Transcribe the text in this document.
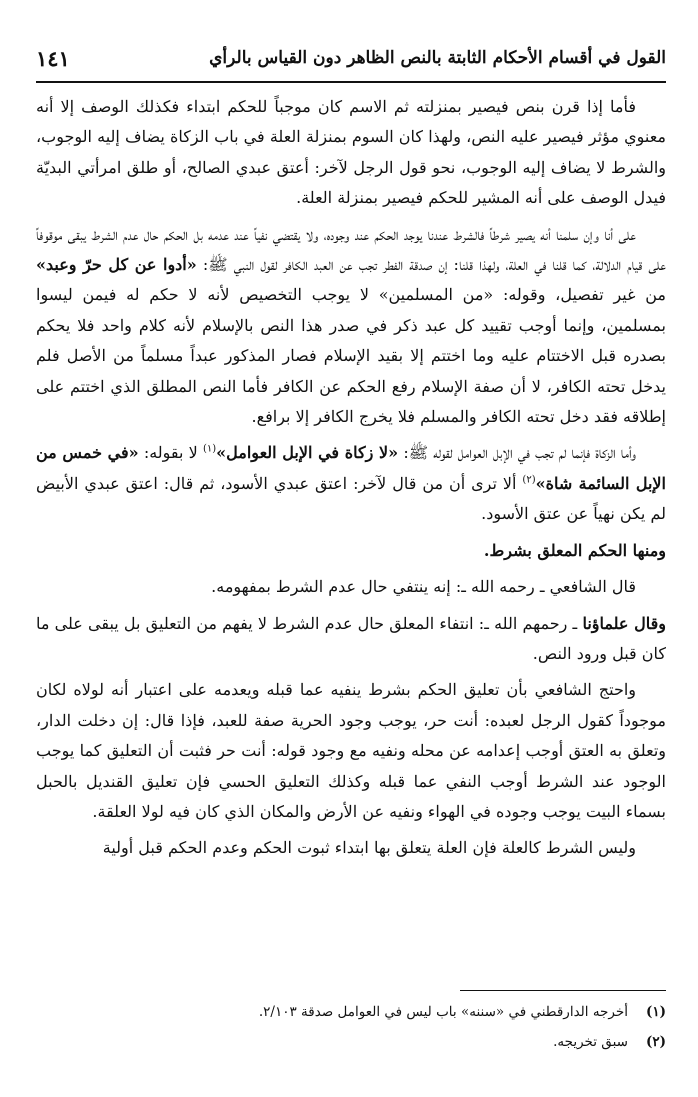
القول في أقسام الأحكام الثابتة بالنص الظاهر دون القياس بالرأي
١٤١

فأما إذا قرن بنص فيصير بمنزلته ثم الاسم كان موجباً للحكم ابتداء فكذلك الوصف إلا أنه معنوي مؤثر فيصير عليه النص، ولهذا كان السوم بمنزلة العلة في باب الزكاة يضاف إليه الوجوب، والشرط لا يضاف إليه الوجوب، نحو قول الرجل لآخر: أعتق عبدي الصالح، أو طلق امرأتي البديّة فيدل الوصف على أنه المشير للحكم فيصير بمنزلة العلة.

على أنا وإن سلمنا أنه يصير شرطاً فالشرط عندنا يوجد الحكم عند وجوده، ولا يقتضي نفياً عند عدمه بل الحكم حال عدم الشرط يبقى موقوفاً على قيام الدلالة، كما قلنا في العلة، ولهذا قلنا: إن صدقة الفطر تجب عن العبد الكافر لقول النبي ﷺ: «أدوا عن كل حرّ وعبد» من غير تفصيل، وقوله: «من المسلمين» لا يوجب التخصيص لأنه لا حكم له فيمن ليسوا بمسلمين، وإنما أوجب تقييد كل عبد ذكر في صدر هذا النص بالإسلام لأنه كلام واحد فلا يحكم بصدره قبل الاختتام عليه وما اختتم إلا بقيد الإسلام فصار المذكور عبداً مسلماً من الأصل فلم يدخل تحته الكافر، لا أن صفة الإسلام رفع الحكم عن الكافر فأما النص المطلق الذي اختتم على إطلاقه فقد دخل تحته الكافر والمسلم فلا يخرج الكافر إلا برافع.

وأما الزكاة فإنما لم تجب في الإبل العوامل لقوله ﷺ: «لا زكاة في الإبل العوامل»$^{(١)}$ لا بقوله: «في خمس من الإبل السائمة شاة»$^{(٢)}$ ألا ترى أن من قال لآخر: اعتق عبدي الأسود، ثم قال: اعتق عبدي الأبيض لم يكن نهياً عن عتق الأسود.

ومنها الحكم المعلق بشرط.

قال الشافعي ـ رحمه الله ـ: إنه ينتفي حال عدم الشرط بمفهومه.

وقال علماؤنا ـ رحمهم الله ـ: انتفاء المعلق حال عدم الشرط لا يفهم من التعليق بل يبقى على ما كان قبل ورود النص.

واحتج الشافعي بأن تعليق الحكم بشرط ينفيه عما قبله ويعدمه على اعتبار أنه لولاه لكان موجوداً كقول الرجل لعبده: أنت حر، يوجب وجود الحرية صفة للعبد، فإذا قال: إن دخلت الدار، وتعلق به العتق أوجب إعدامه عن محله ونفيه مع وجود قوله: أنت حر فثبت أن التعليق كما يوجب الوجود عند الشرط أوجب النفي عما قبله وكذلك التعليق الحسي فإن تعليق القنديل بالحبل بسماء البيت يوجب وجوده في الهواء ونفيه عن الأرض والمكان الذي كان فيه لولا العلقة.

وليس الشرط كالعلة فإن العلة يتعلق بها ابتداء ثبوت الحكم وعدم الحكم قبل أولية

(١)
أخرجه الدارقطني في «سننه» باب ليس في العوامل صدقة ٢/١٠٣.
(٢)
سبق تخريجه.
